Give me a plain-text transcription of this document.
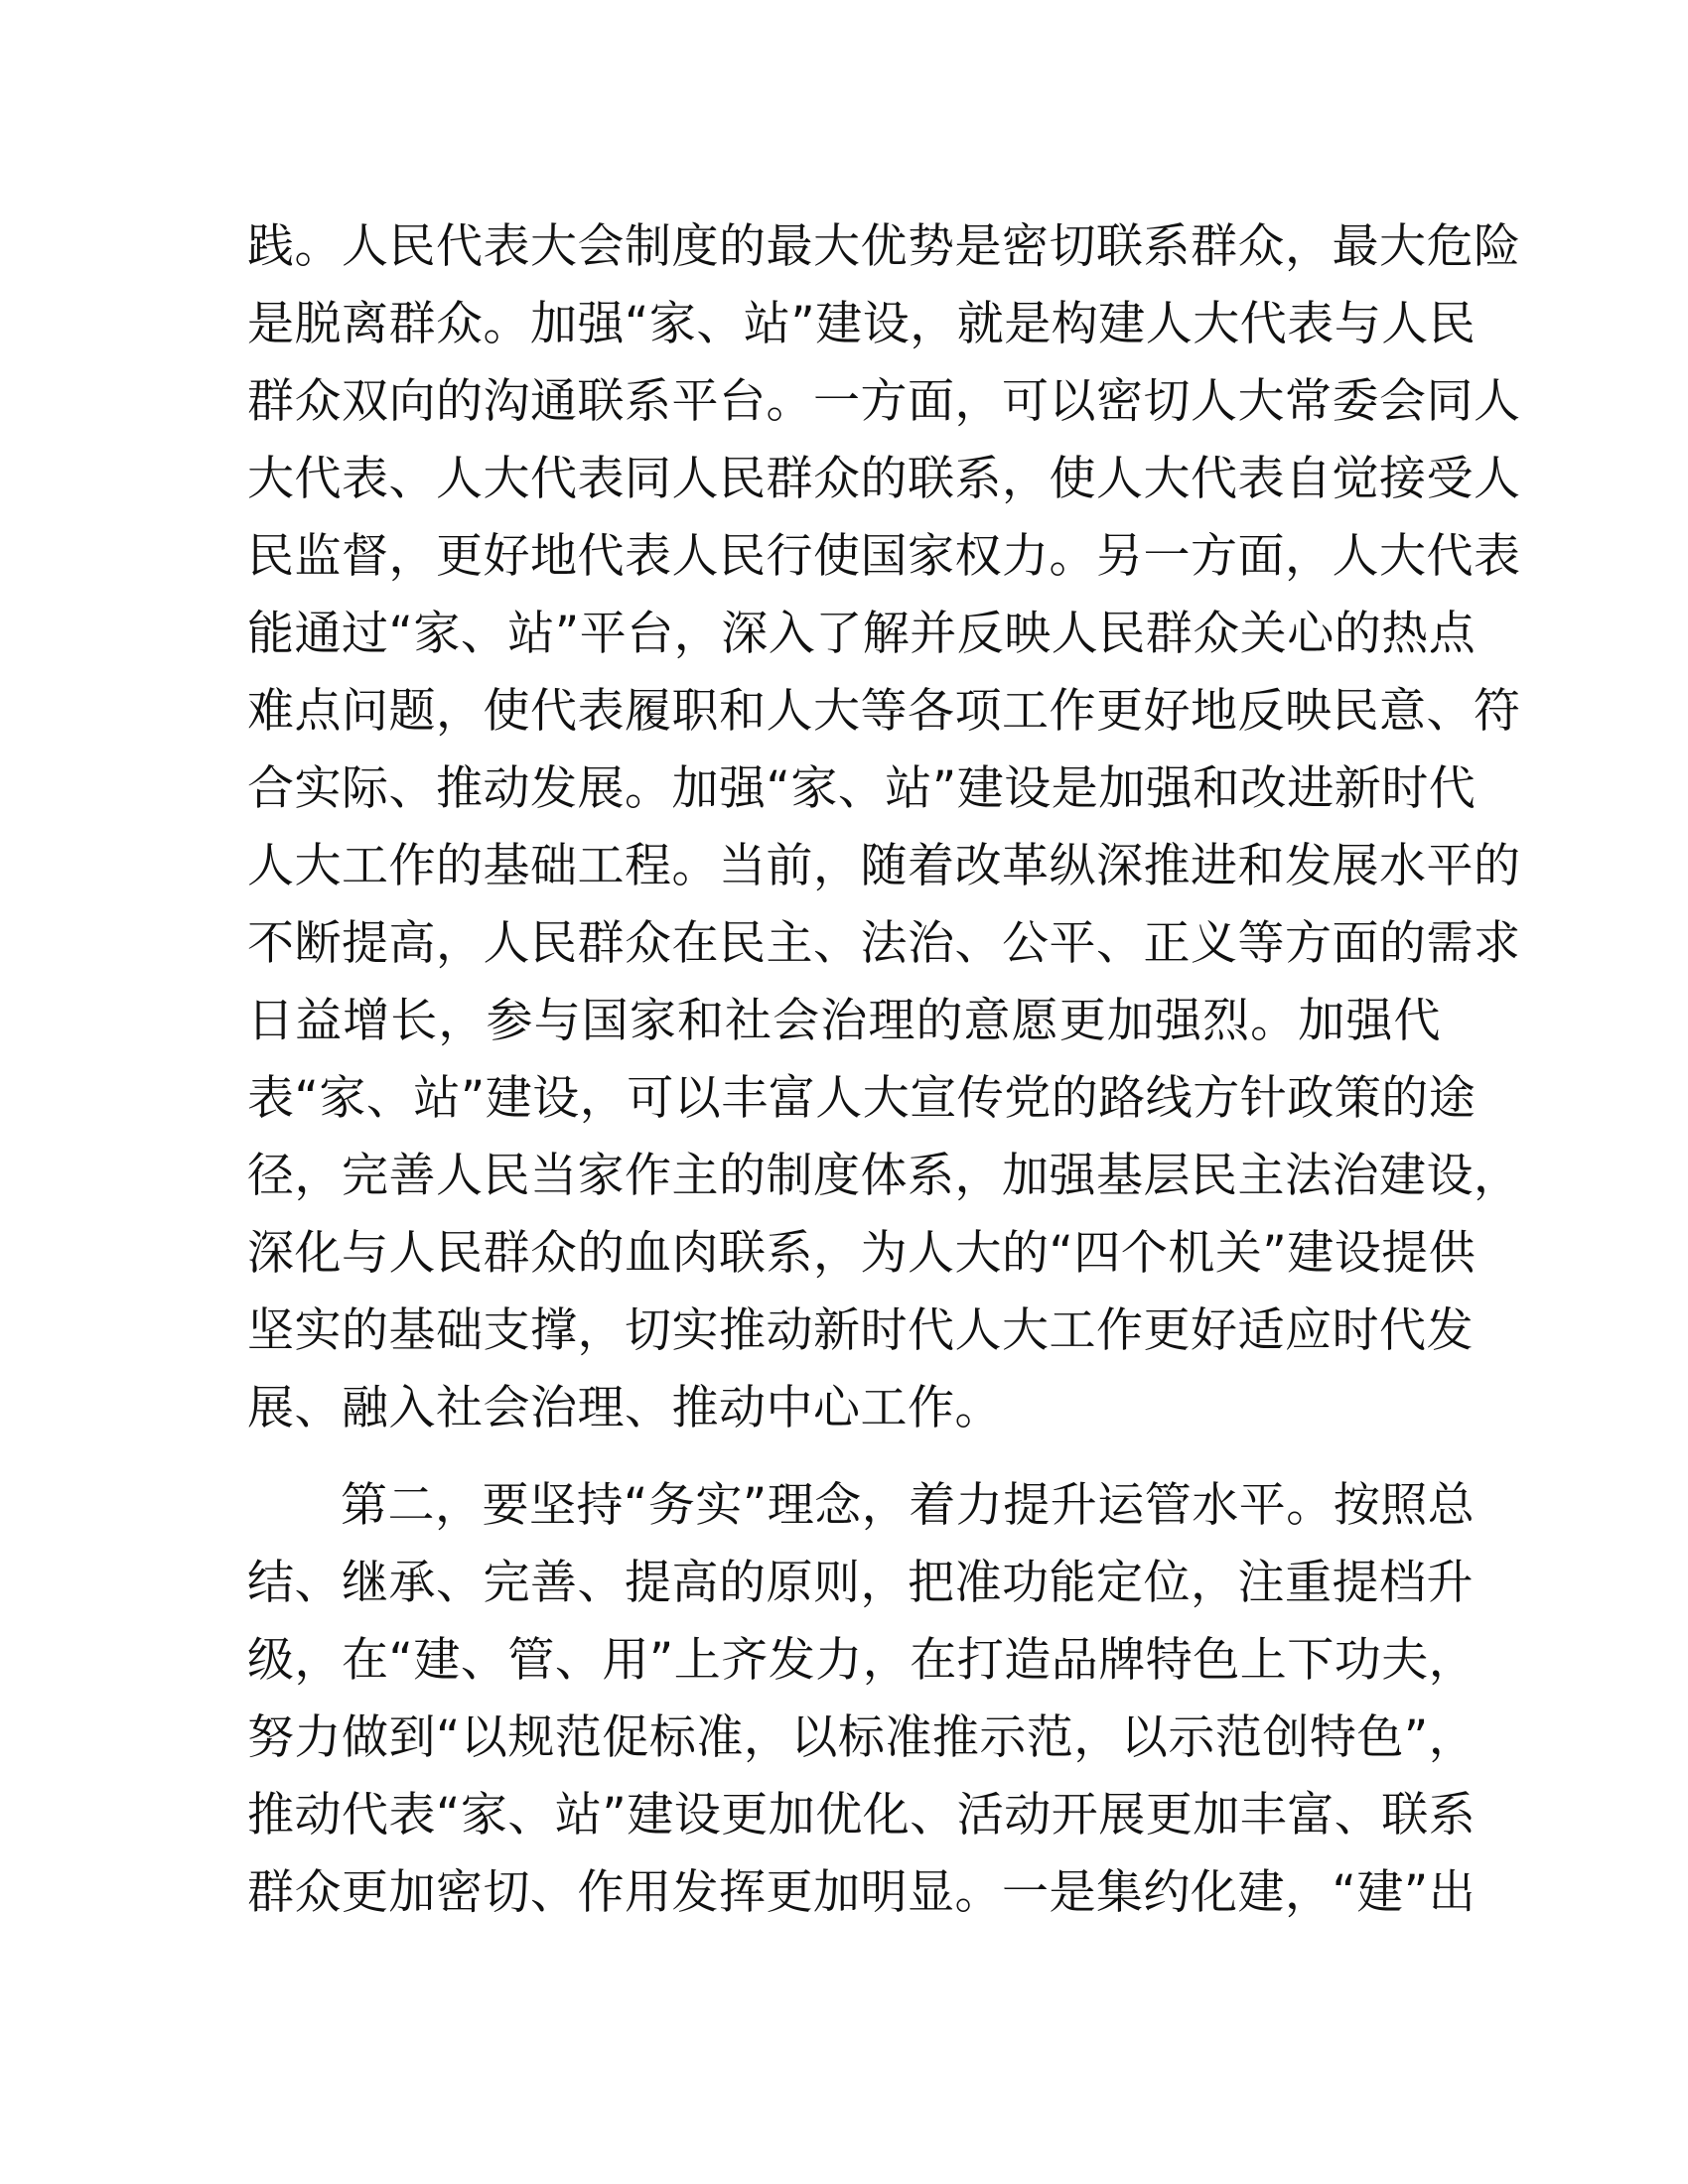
践。人民代表大会制度的最大优势是密切联系群众，最大危险
是脱离群众。加强“家、站”建设，就是构建人大代表与人民
群众双向的沟通联系平台。一方面，可以密切人大常委会同人
大代表、人大代表同人民群众的联系，使人大代表自觉接受人
民监督，更好地代表人民行使国家权力。另一方面，人大代表
能通过“家、站”平台，深入了解并反映人民群众关心的热点
难点问题，使代表履职和人大等各项工作更好地反映民意、符
合实际、推动发展。加强“家、站”建设是加强和改进新时代
人大工作的基础工程。当前，随着改革纵深推进和发展水平的
不断提高，人民群众在民主、法治、公平、正义等方面的需求
日益增长，参与国家和社会治理的意愿更加强烈。加强代
表“家、站”建设，可以丰富人大宣传党的路线方针政策的途
径，完善人民当家作主的制度体系，加强基层民主法治建设，
深化与人民群众的血肉联系，为人大的“四个机关”建设提供
坚实的基础支撑，切实推动新时代人大工作更好适应时代发
展、融入社会治理、推动中心工作。
第二，要坚持“务实”理念，着力提升运管水平。按照总
结、继承、完善、提高的原则，把准功能定位，注重提档升
级，在“建、管、用”上齐发力，在打造品牌特色上下功夫，
努力做到“以规范促标准，以标准推示范，以示范创特色”，
推动代表“家、站”建设更加优化、活动开展更加丰富、联系
群众更加密切、作用发挥更加明显。一是集约化建，“建”出
